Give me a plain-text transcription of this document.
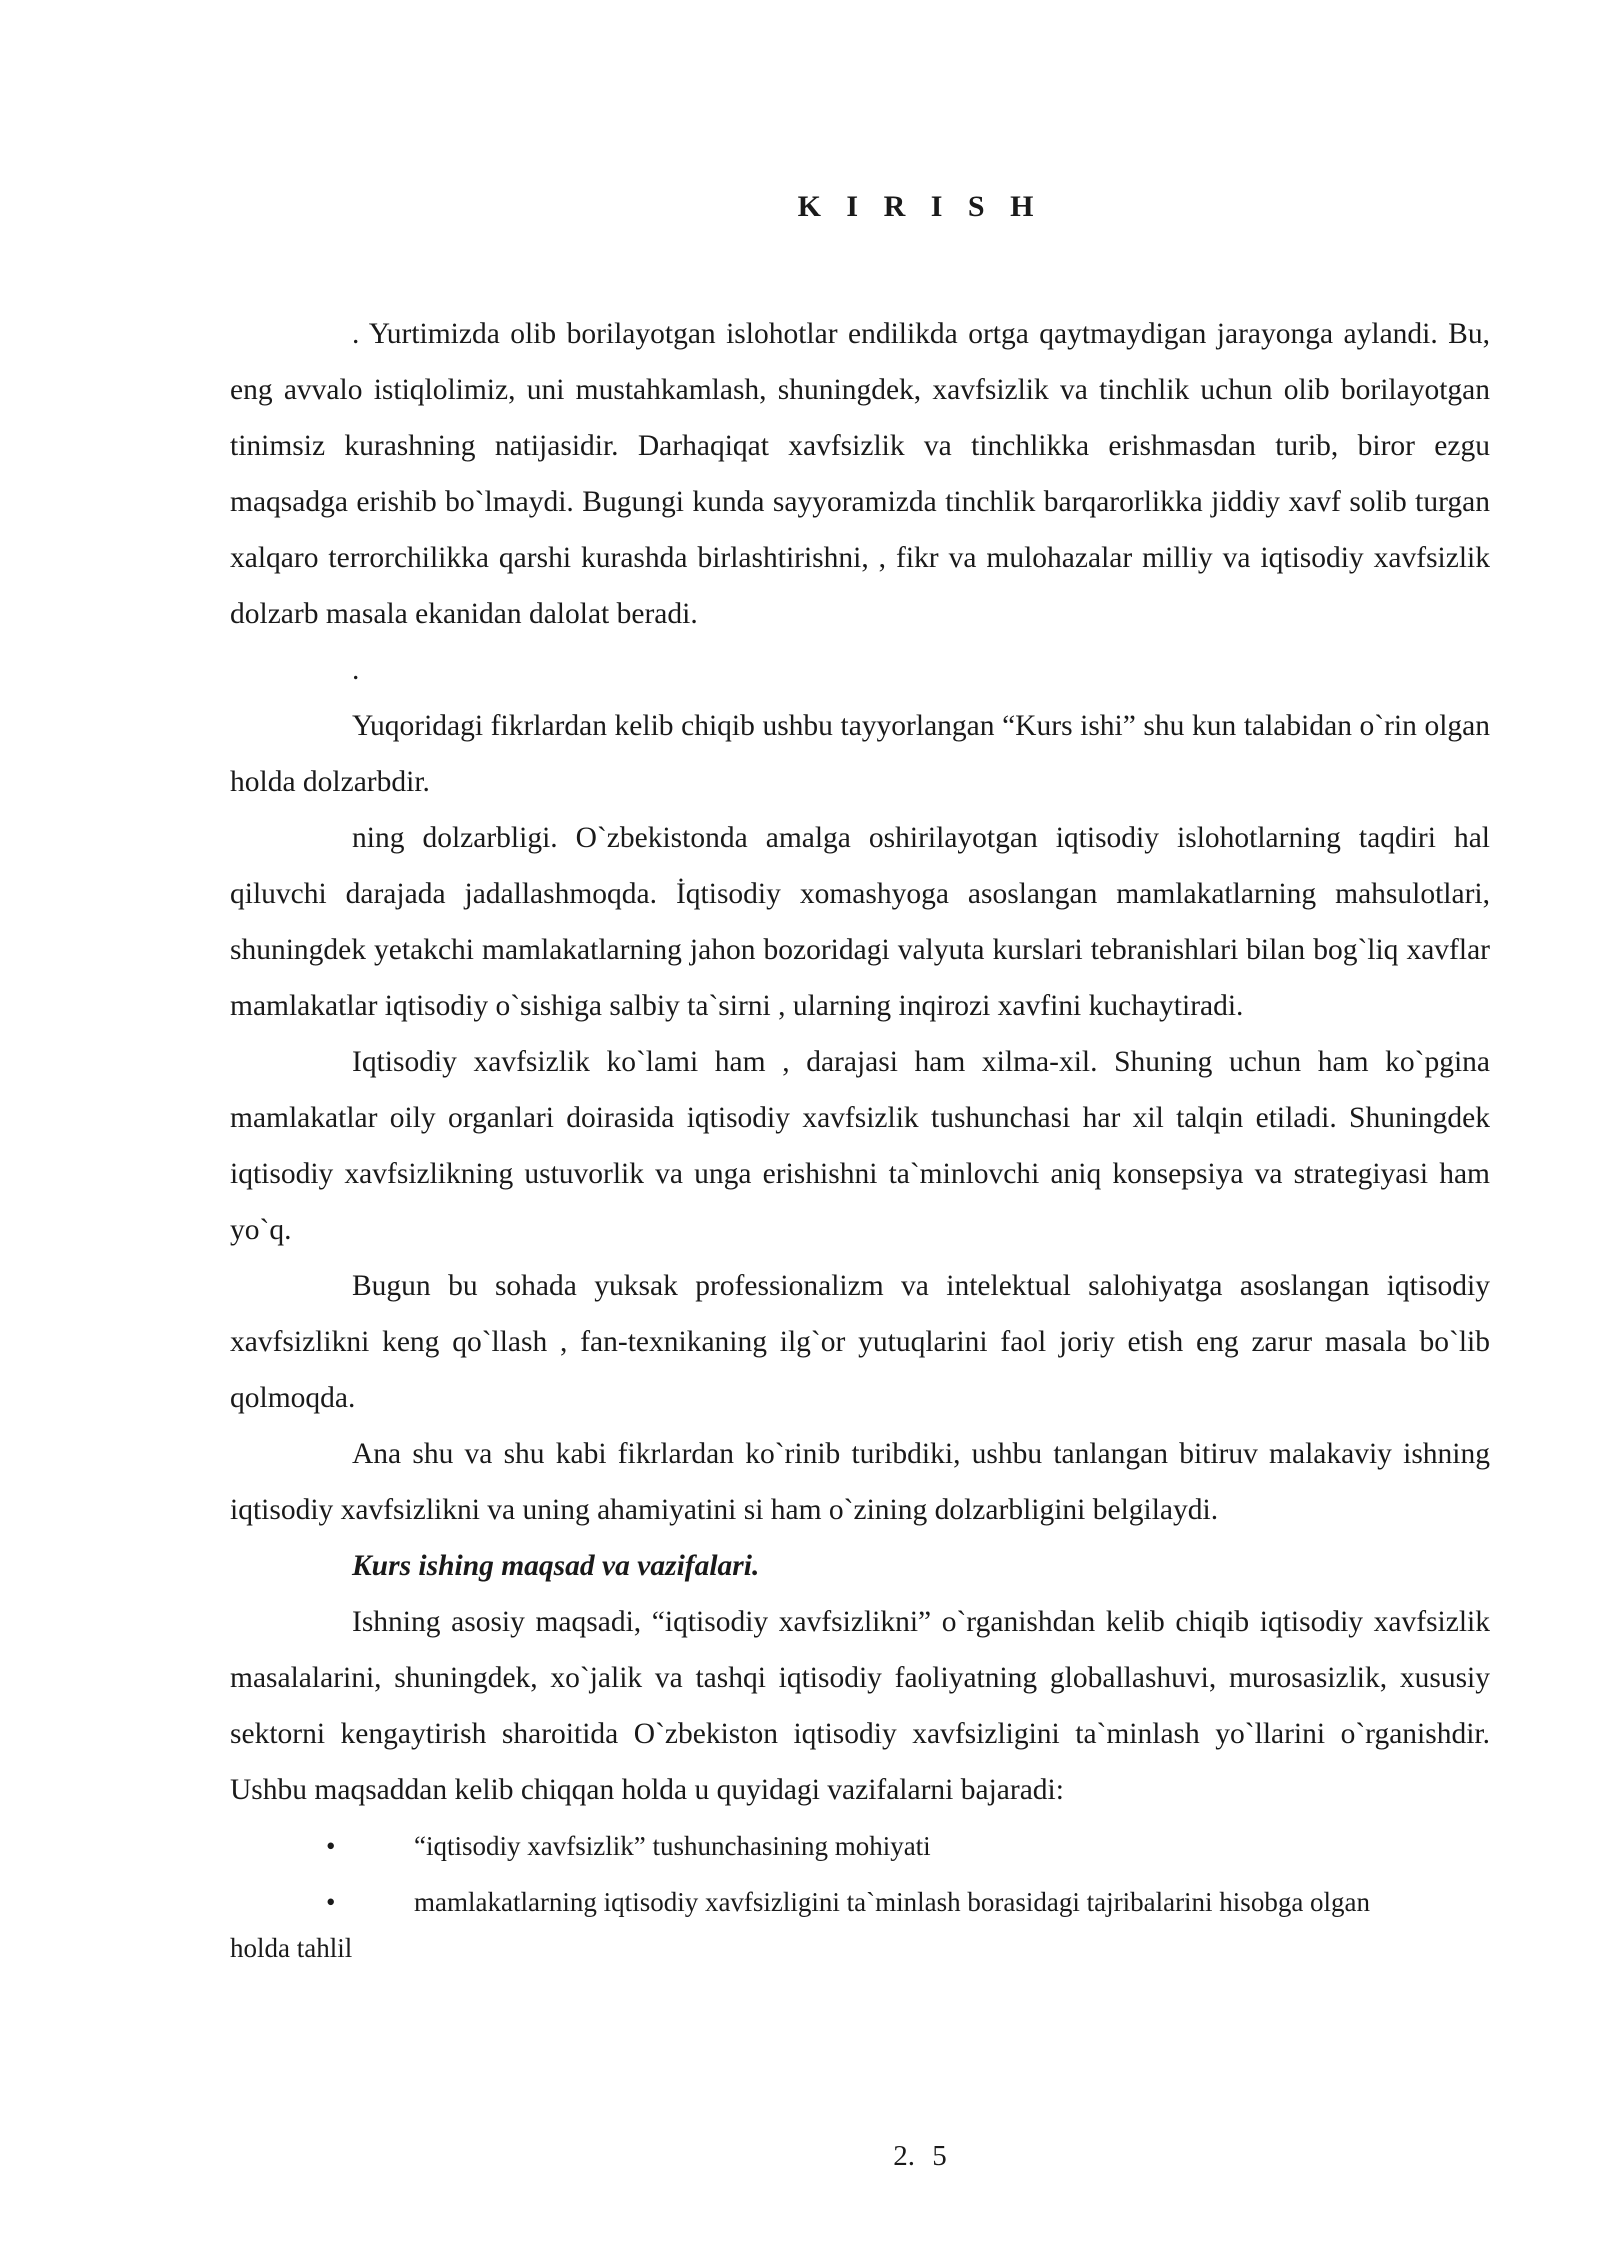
K I R I S H

. Yurtimizda olib borilayotgan islohotlar endilikda ortga qaytmaydigan jarayonga aylandi. Bu, eng avvalo istiqlolimiz, uni mustahkamlash, shuningdek, xavfsizlik va tinchlik uchun olib borilayotgan tinimsiz kurashning natijasidir. Darhaqiqat xavfsizlik va tinchlikka erishmasdan turib, biror ezgu maqsadga erishib bo`lmaydi. Bugungi kunda sayyoramizda tinchlik barqarorlikka jiddiy xavf solib turgan xalqaro terrorchilikka qarshi kurashda birlashtirishni, , fikr va mulohazalar milliy va iqtisodiy xavfsizlik dolzarb masala ekanidan dalolat beradi.

.

Yuqoridagi fikrlardan kelib chiqib ushbu tayyorlangan “Kurs ishi” shu kun talabidan o`rin olgan holda dolzarbdir.

ning dolzarbligi. O`zbekistonda amalga oshirilayotgan iqtisodiy islohotlarning taqdiri hal qiluvchi darajada jadallashmoqda. İqtisodiy xomashyoga asoslangan mamlakatlarning mahsulotlari, shuningdek yetakchi mamlakatlarning jahon bozoridagi valyuta kurslari tebranishlari bilan bog`liq xavflar mamlakatlar iqtisodiy o`sishiga salbiy ta`sirni , ularning inqirozi xavfini kuchaytiradi.

Iqtisodiy xavfsizlik ko`lami ham , darajasi ham xilma-xil. Shuning uchun ham ko`pgina mamlakatlar oily organlari doirasida iqtisodiy xavfsizlik tushunchasi har xil talqin etiladi. Shuningdek iqtisodiy xavfsizlikning ustuvorlik va unga erishishni ta`minlovchi aniq konsepsiya va strategiyasi ham yo`q.

Bugun bu sohada yuksak professionalizm va intelektual salohiyatga asoslangan iqtisodiy xavfsizlikni keng qo`llash , fan-texnikaning ilg`or yutuqlarini faol joriy etish eng zarur masala bo`lib qolmoqda.

Ana shu va shu kabi fikrlardan ko`rinib turibdiki, ushbu tanlangan bitiruv malakaviy ishning iqtisodiy xavfsizlikni va uning ahamiyatini si ham o`zining dolzarbligini belgilaydi.

Kurs ishing maqsad va vazifalari.

Ishning asosiy maqsadi, “iqtisodiy xavfsizlikni” o`rganishdan kelib chiqib iqtisodiy xavfsizlik masalalarini, shuningdek, xo`jalik va tashqi iqtisodiy faoliyatning globallashuvi, murosasizlik, xususiy sektorni kengaytirish sharoitida O`zbekiston iqtisodiy xavfsizligini ta`minlash yo`llarini o`rganishdir. Ushbu maqsaddan kelib chiqqan holda u quyidagi vazifalarni bajaradi:

•	“iqtisodiy xavfsizlik” tushunchasining mohiyati
•	mamlakatlarning iqtisodiy xavfsizligini ta`minlash borasidagi tajribalarini hisobga olgan
holda tahlil
2. 5
